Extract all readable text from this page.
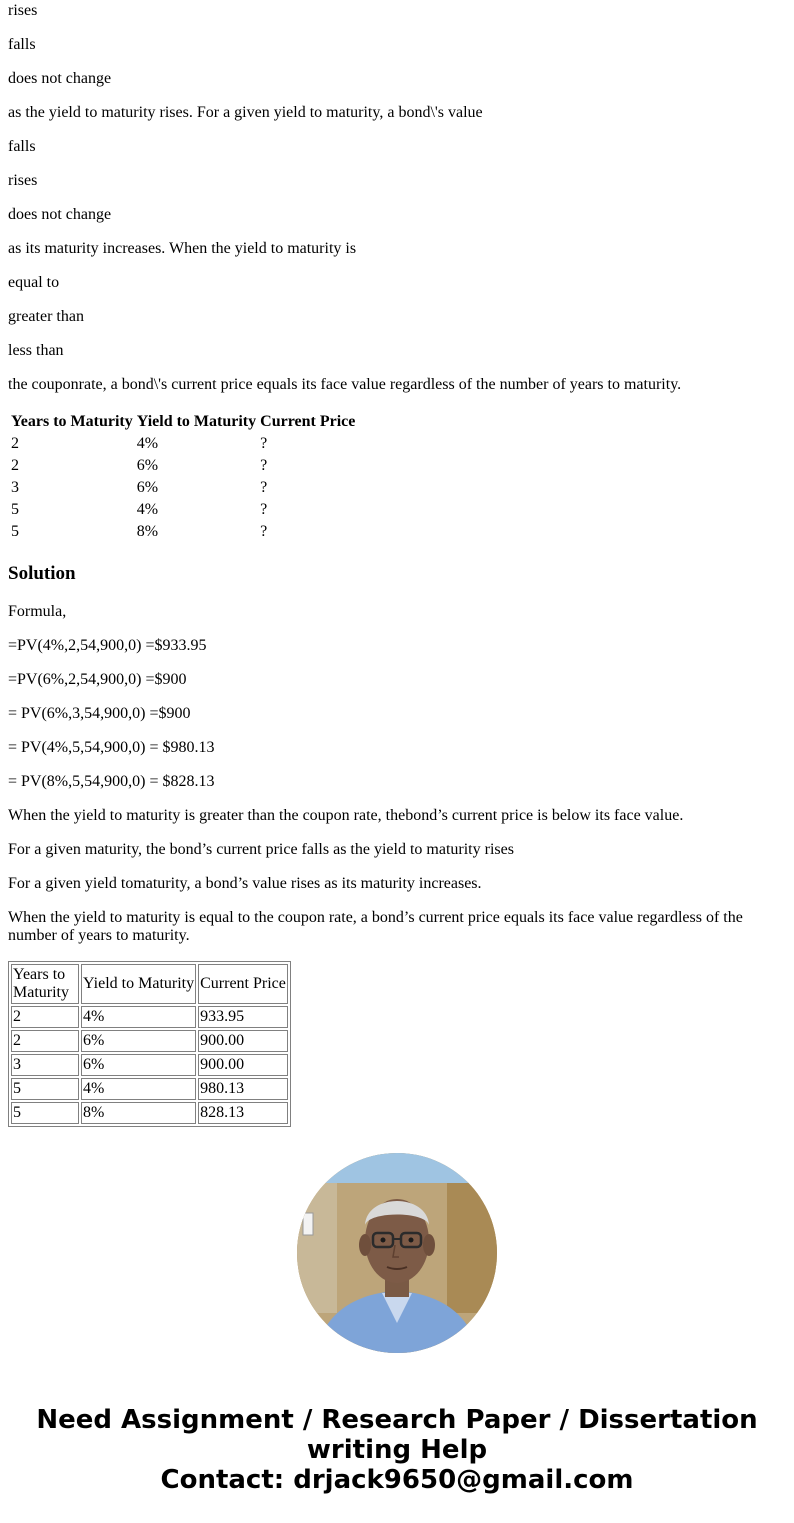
rises

falls

does not change

as the yield to maturity rises. For a given yield to maturity, a bond\'s value

falls

rises

does not change

as its maturity increases. When the yield to maturity is

equal to

greater than

less than

the couponrate, a bond\'s current price equals its face value regardless of the number of years to maturity.

Years to Maturity	Yield to Maturity	Current Price
2	4%	?
2	6%	?
3	6%	?
5	4%	?
5	8%	?
Solution

Formula,

=PV(4%,2,54,900,0) =$933.95

=PV(6%,2,54,900,0) =$900

= PV(6%,3,54,900,0) =$900

= PV(4%,5,54,900,0) = $980.13

= PV(8%,5,54,900,0) = $828.13

When the yield to maturity is greater than the coupon rate, thebond’s current price is below its face value.

For a given maturity, the bond’s current price falls as the yield to maturity rises

For a given yield tomaturity, a bond’s value rises as its maturity increases.

When the yield to maturity is equal to the coupon rate, a bond’s current price equals its face value regardless of the number of years to maturity.

Years to Maturity	Yield to Maturity	Current Price
2	4%	933.95
2	6%	900.00
3	6%	900.00
5	4%	980.13
5	8%	828.13
Need Assignment / Research Paper / Dissertation
writing Help
Contact: drjack9650@gmail.com
